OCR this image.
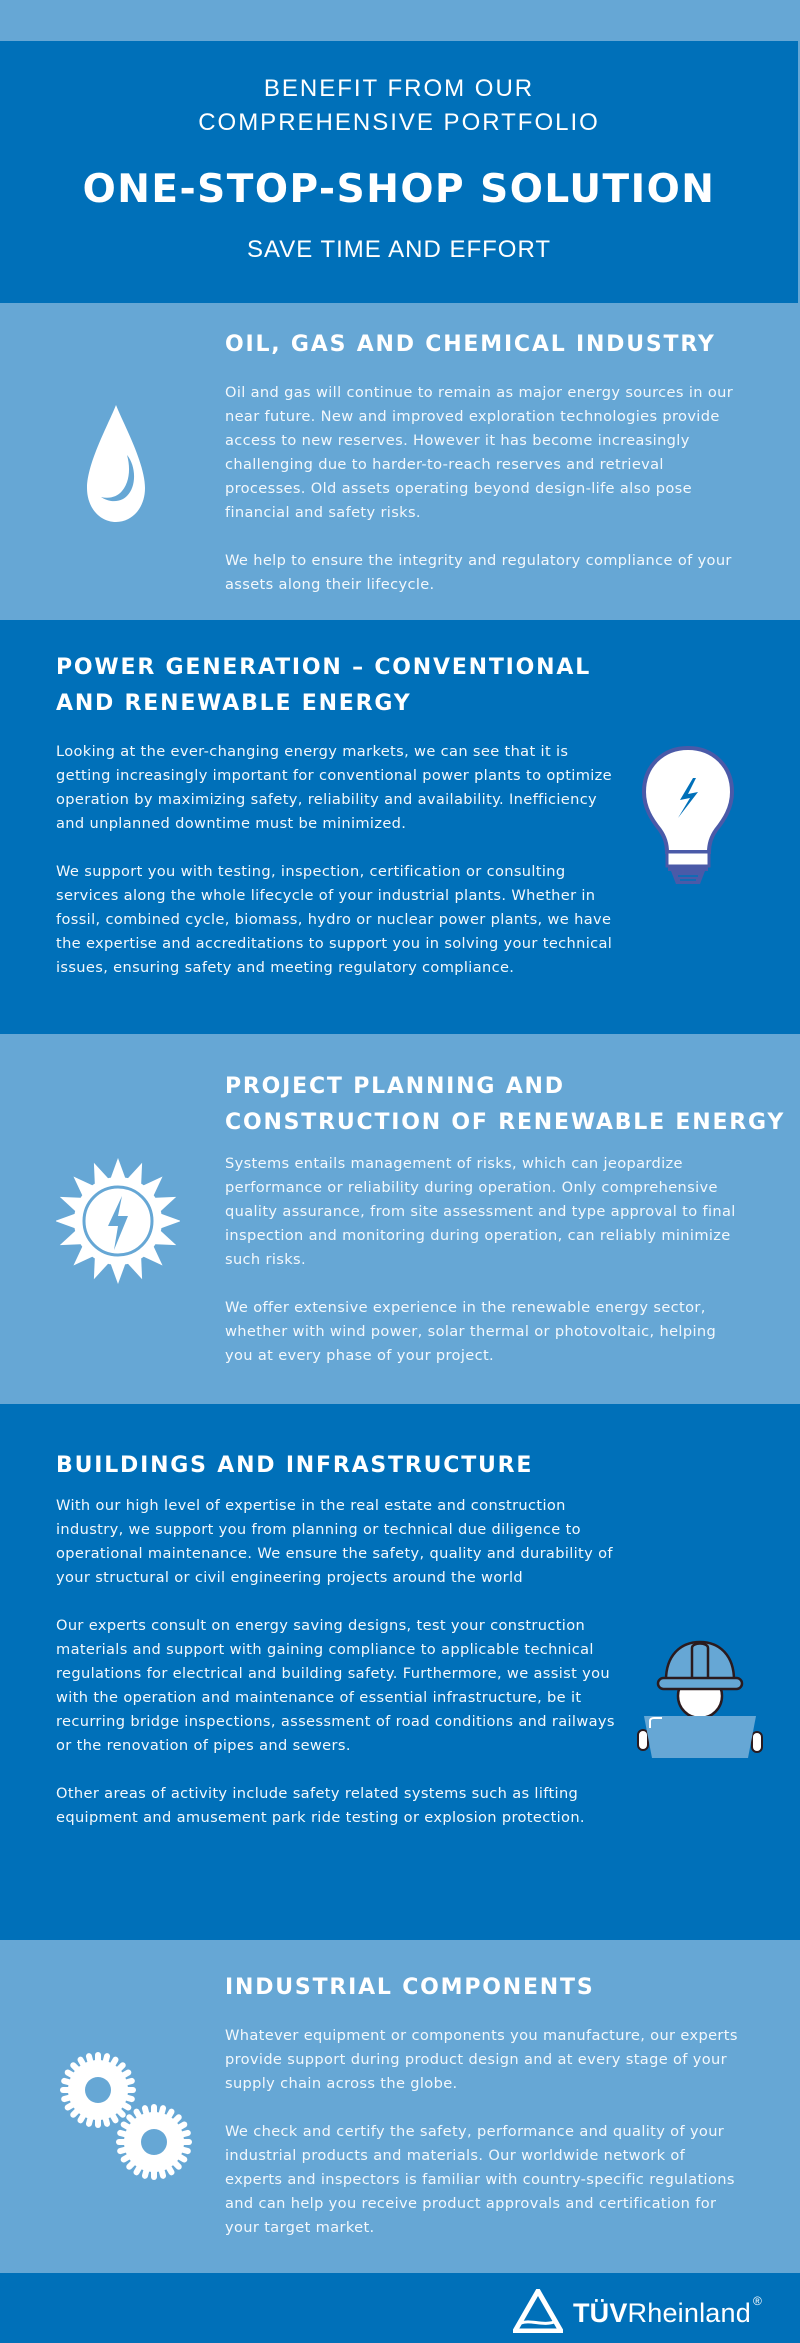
BENEFIT FROM OUR
COMPREHENSIVE PORTFOLIO
ONE-STOP-SHOP SOLUTION
SAVE TIME AND EFFORT
OIL, GAS AND CHEMICAL INDUSTRY

Oil and gas will continue to remain as major energy sources in our near future. New and improved exploration technologies provide access to new reserves. However it has become increasingly challenging due to harder-to-reach reserves and retrieval processes. Old assets operating beyond design-life also pose financial and safety risks.

We help to ensure the integrity and regulatory compliance of your assets along their lifecycle.

POWER GENERATION – CONVENTIONAL
AND RENEWABLE ENERGY

Looking at the ever-changing energy markets, we can see that it is getting increasingly important for conventional power plants to optimize operation by maximizing safety, reliability and availability. Inefficiency and unplanned downtime must be minimized.

We support you with testing, inspection, certification or consulting services along the whole lifecycle of your industrial plants. Whether in fossil, combined cycle, biomass, hydro or nuclear power plants, we have the expertise and accreditations to support you in solving your technical issues, ensuring safety and meeting regulatory compliance.

PROJECT PLANNING AND
CONSTRUCTION OF RENEWABLE ENERGY

Systems entails management of risks, which can jeopardize performance or reliability during operation. Only comprehensive quality assurance, from site assessment and type approval to final inspection and monitoring during operation, can reliably minimize such risks.

We offer extensive experience in the renewable energy sector, whether with wind power, solar thermal or photovoltaic, helping you at every phase of your project.

BUILDINGS AND INFRASTRUCTURE

With our high level of expertise in the real estate and construction industry, we support you from planning or technical due diligence to operational maintenance. We ensure the safety, quality and durability of your structural or civil engineering projects around the world

Our experts consult on energy saving designs, test your construction materials and support with gaining compliance to applicable technical regulations for electrical and building safety. Furthermore, we assist you with the operation and maintenance of essential infrastructure, be it recurring bridge inspections, assessment of road conditions and railways or the renovation of pipes and sewers.

Other areas of activity include safety related systems such as lifting equipment and amusement park ride testing or explosion protection.

INDUSTRIAL COMPONENTS

Whatever equipment or components you manufacture, our experts provide support during product design and at every stage of your supply chain across the globe.

We check and certify the safety, performance and quality of your industrial products and materials. Our worldwide network of experts and inspectors is familiar with country-specific regulations and can help you receive product approvals and certification for your target market.

TÜVRheinland ®
